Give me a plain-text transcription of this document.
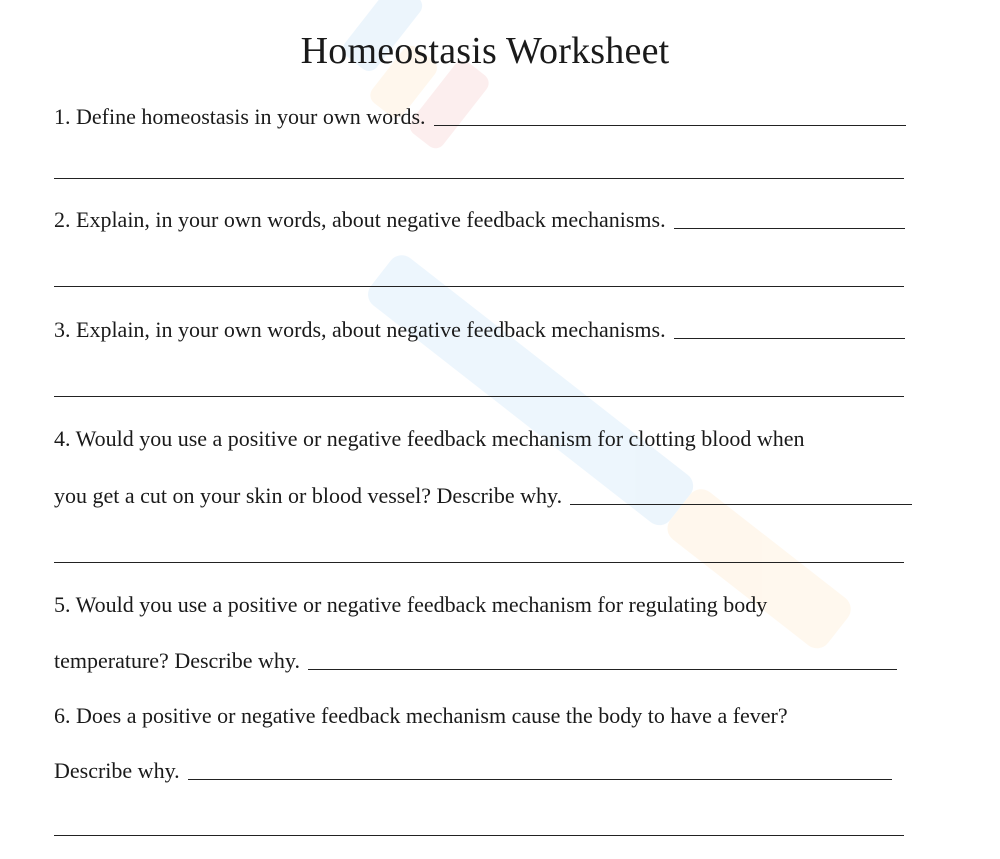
Homeostasis Worksheet
1. Define homeostasis in your own words.
2. Explain, in your own words, about negative feedback mechanisms.
3. Explain, in your own words, about negative feedback mechanisms.
4. Would you use a positive or negative feedback mechanism for clotting blood when
you get a cut on your skin or blood vessel? Describe why.
5. Would you use a positive or negative feedback mechanism for regulating body
temperature? Describe why.
6. Does a positive or negative feedback mechanism cause the body to have a fever?
Describe why.
